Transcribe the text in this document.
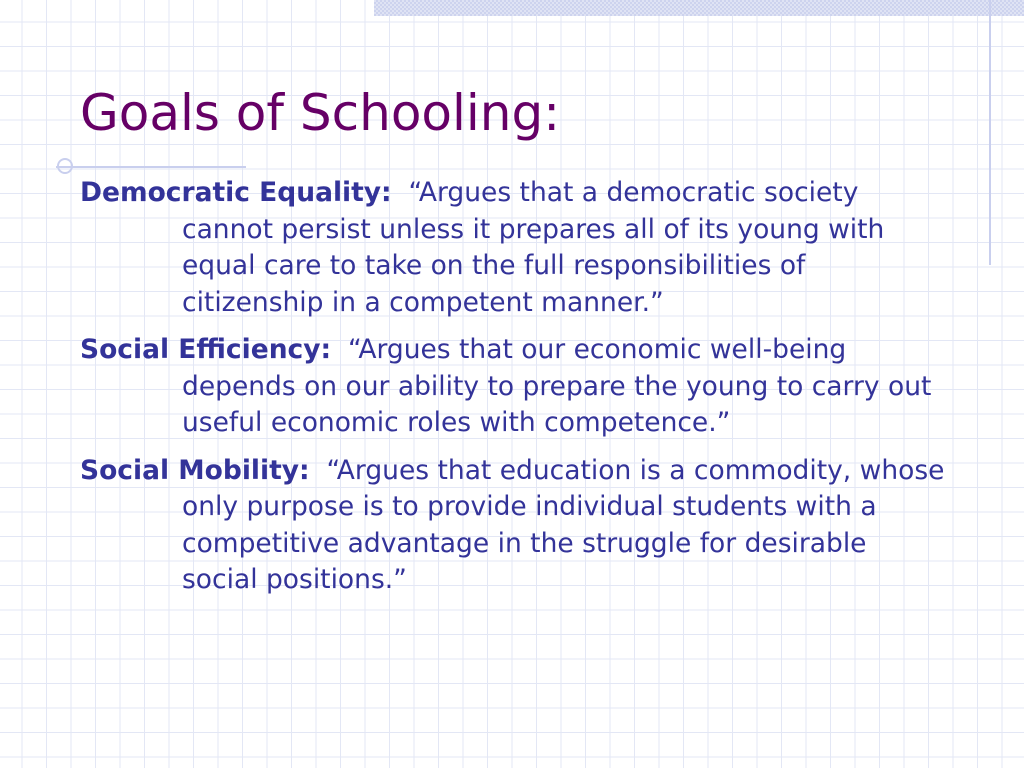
Goals of Schooling:
Democratic Equality: “Argues that a democratic society cannot persist unless it prepares all of its young with equal care to take on the full responsibilities of citizenship in a competent manner.”
Social Efficiency: “Argues that our economic well-being depends on our ability to prepare the young to carry out useful economic roles with competence.”
Social Mobility: “Argues that education is a commodity, whose only purpose is to provide individual students with a competitive advantage in the struggle for desirable social positions.”
